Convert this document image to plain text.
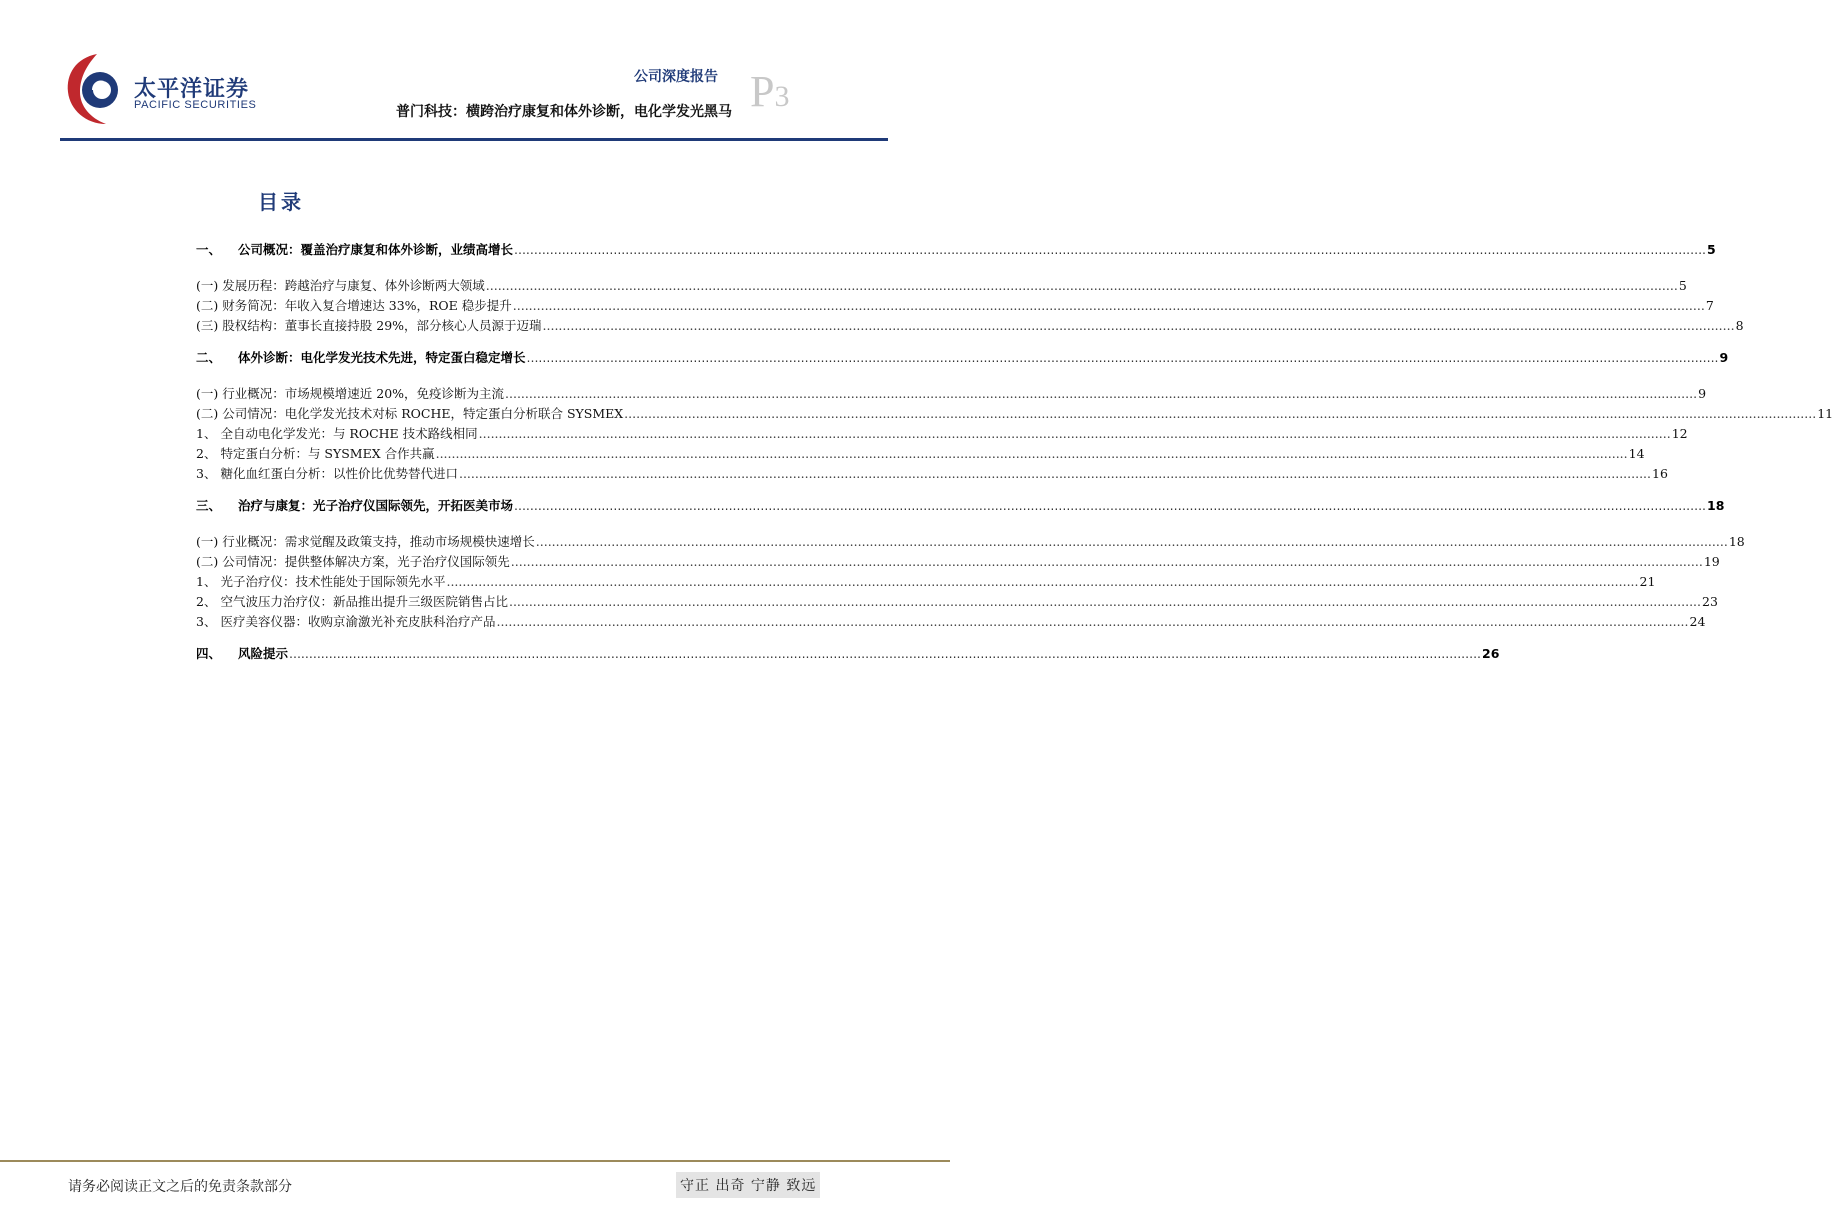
太平洋证券
PACIFIC SECURITIES
公司深度报告
普门科技：横跨治疗康复和体外诊断，电化学发光黑马 P3
目录
一、	公司概况：覆盖治疗康复和体外诊断，业绩高增长 ............................................................................................................................................................................................................................................................................................................ 5
(一) 发展历程：跨越治疗与康复、体外诊断两大领域 ............................................................................................................................................................................................................................................................................................................ 5
(二) 财务简况：年收入复合增速达 33%，ROE 稳步提升 ............................................................................................................................................................................................................................................................................................................ 7
(三) 股权结构：董事长直接持股 29%，部分核心人员源于迈瑞 ............................................................................................................................................................................................................................................................................................................ 8
二、	体外诊断：电化学发光技术先进，特定蛋白稳定增长 ............................................................................................................................................................................................................................................................................................................ 9
(一) 行业概况：市场规模增速近 20%，免疫诊断为主流 ............................................................................................................................................................................................................................................................................................................ 9
(二) 公司情况：电化学发光技术对标 ROCHE，特定蛋白分析联合 SYSMEX ............................................................................................................................................................................................................................................................................................................ 11
1、 全自动电化学发光：与 ROCHE 技术路线相同 ............................................................................................................................................................................................................................................................................................................ 12
2、 特定蛋白分析：与 SYSMEX 合作共赢 ............................................................................................................................................................................................................................................................................................................ 14
3、 糖化血红蛋白分析：以性价比优势替代进口 ............................................................................................................................................................................................................................................................................................................ 16
三、	治疗与康复：光子治疗仪国际领先，开拓医美市场 ............................................................................................................................................................................................................................................................................................................ 18
(一) 行业概况：需求觉醒及政策支持，推动市场规模快速增长 ............................................................................................................................................................................................................................................................................................................ 18
(二) 公司情况：提供整体解决方案，光子治疗仪国际领先 ............................................................................................................................................................................................................................................................................................................ 19
1、 光子治疗仪：技术性能处于国际领先水平 ............................................................................................................................................................................................................................................................................................................ 21
2、 空气波压力治疗仪：新品推出提升三级医院销售占比 ............................................................................................................................................................................................................................................................................................................ 23
3、 医疗美容仪器：收购京渝激光补充皮肤科治疗产品 ............................................................................................................................................................................................................................................................................................................ 24
四、	风险提示 ............................................................................................................................................................................................................................................................................................................ 26
请务必阅读正文之后的免责条款部分	守正 出奇 宁静 致远
